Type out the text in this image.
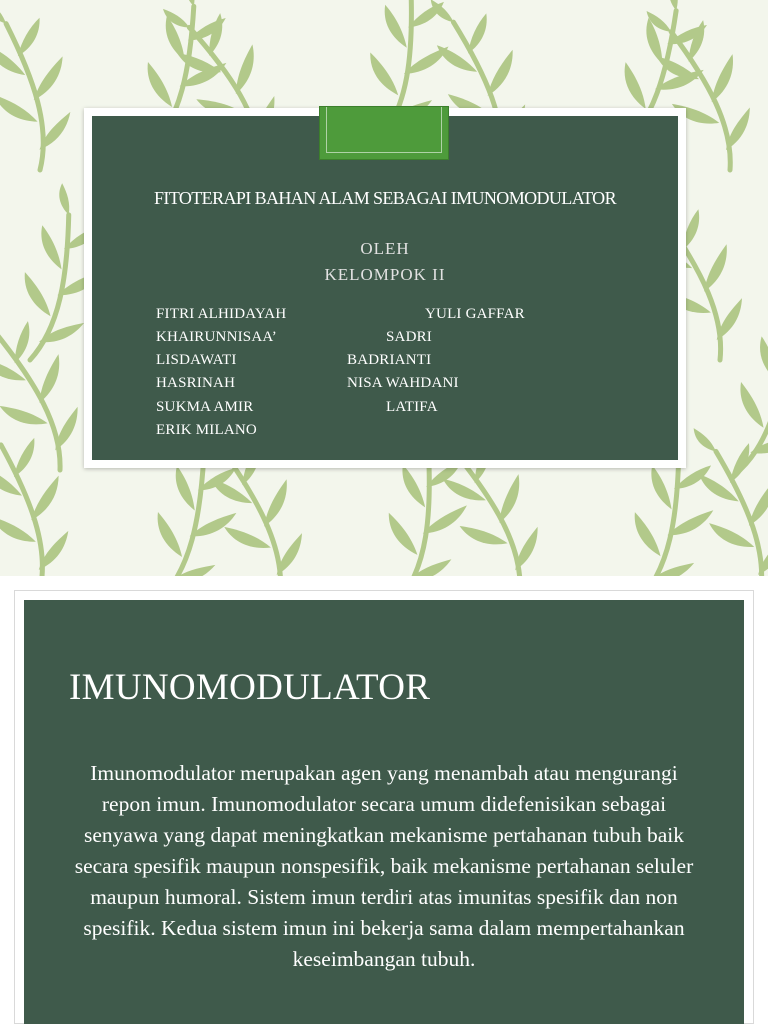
FITOTERAPI BAHAN ALAM SEBAGAI IMUNOMODULATOR
OLEH
KELOMPOK II
FITRI ALHIDAYAH
KHAIRUNNISAA’
LISDAWATI
HASRINAH
SUKMA AMIR
ERIK MILANO
YULI GAFFAR
SADRI
BADRIANTI
NISA WAHDANI
LATIFA
IMUNOMODULATOR
Imunomodulator merupakan agen yang menambah atau mengurangi repon imun. Imunomodulator secara umum didefenisikan sebagai senyawa yang dapat meningkatkan mekanisme pertahanan tubuh baik secara spesifik maupun nonspesifik, baik mekanisme pertahanan seluler maupun humoral. Sistem imun terdiri atas imunitas spesifik dan non spesifik. Kedua sistem imun ini bekerja sama dalam mempertahankan keseimbangan tubuh.
